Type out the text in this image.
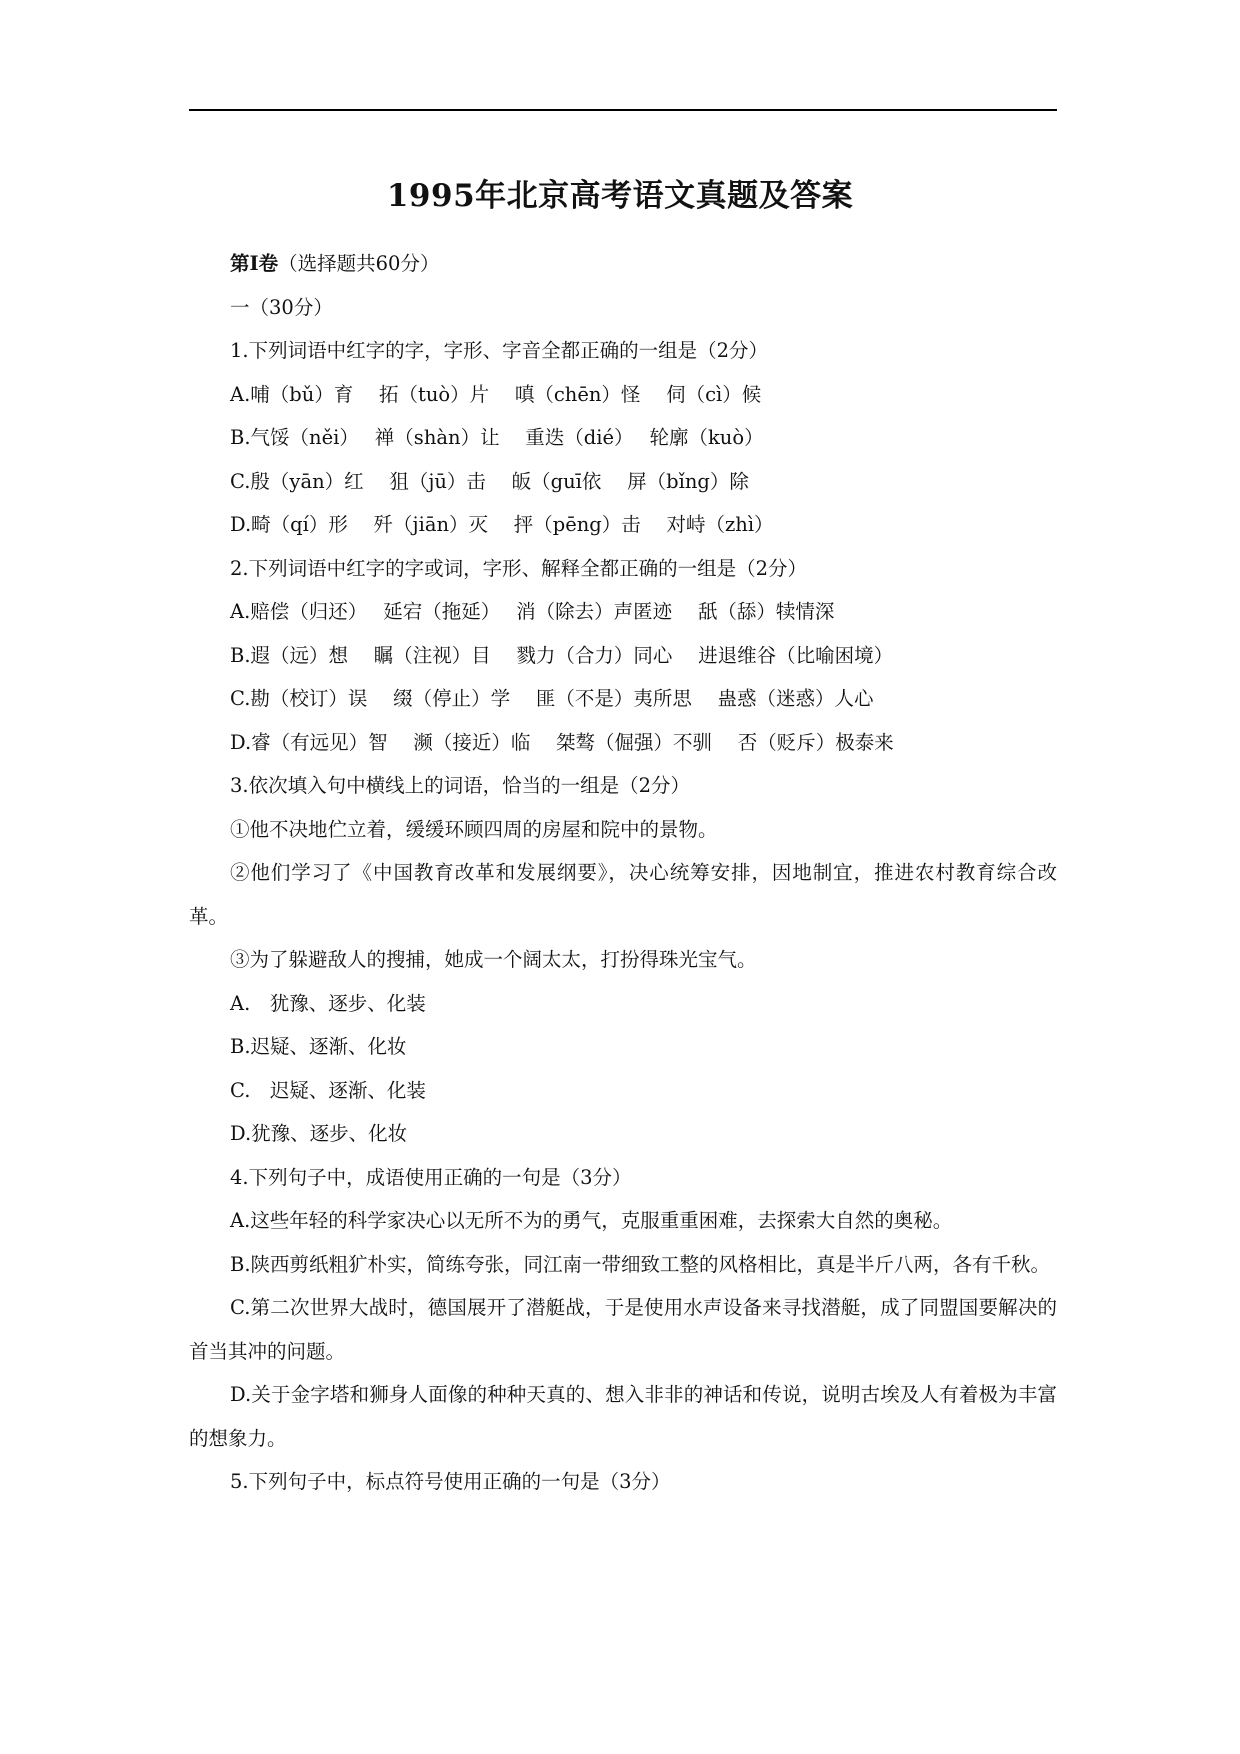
1995年北京高考语文真题及答案

第Ⅰ卷（选择题共60分）

一（30分）

1.下列词语中红字的字，字形、字音全都正确的一组是（2分）

A.哺（bǔ）育　 拓（tuò）片　 嗔（chēn）怪　 伺（cì）候

B.气馁（něi）　 禅（shàn）让　 重迭（dié）　 轮廓（kuò）

C.殷（yān）红　 狙（jū）击　 皈（guī依　 屏（bǐng）除

D.畸（qí）形　 歼（jiān）灭　 抨（pēng）击　 对峙（zhì）

2.下列词语中红字的字或词，字形、解释全都正确的一组是（2分）

A.赔偿（归还）　 延宕（拖延）　 消（除去）声匿迹　 舐（舔）犊情深

B.遐（远）想　 瞩（注视）目　 戮力（合力）同心　 进退维谷（比喻困境）

C.勘（校订）误　 缀（停止）学　 匪（不是）夷所思　 蛊惑（迷惑）人心

D.睿（有远见）智　 濒（接近）临　 桀骜（倔强）不驯　 否（贬斥）极泰来

3.依次填入句中横线上的词语，恰当的一组是（2分）

①他不决地伫立着，缓缓环顾四周的房屋和院中的景物。

②他们学习了《中国教育改革和发展纲要》，决心统筹安排，因地制宜，推进农村教育综合改革。

③为了躲避敌人的搜捕，她成一个阔太太，打扮得珠光宝气。

A.　犹豫、逐步、化装

B.迟疑、逐渐、化妆

C.　迟疑、逐渐、化装

D.犹豫、逐步、化妆

4.下列句子中，成语使用正确的一句是（3分）

A.这些年轻的科学家决心以无所不为的勇气，克服重重困难，去探索大自然的奥秘。

B.陕西剪纸粗犷朴实，简练夸张，同江南一带细致工整的风格相比，真是半斤八两，各有千秋。

C.第二次世界大战时，德国展开了潜艇战，于是使用水声设备来寻找潜艇，成了同盟国要解决的首当其冲的问题。

D.关于金字塔和狮身人面像的种种天真的、想入非非的神话和传说，说明古埃及人有着极为丰富的想象力。

5.下列句子中，标点符号使用正确的一句是（3分）
